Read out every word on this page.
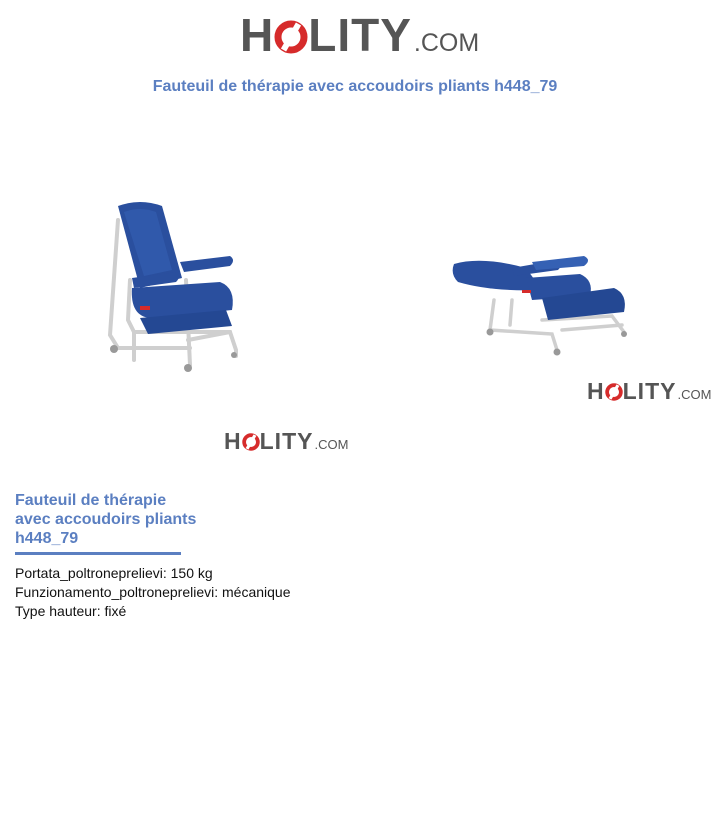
H LITY .COM
Fauteuil de thérapie avec accoudoirs pliants h448_79
H LITY .COM
H LITY .COM
Fauteuil de thérapie
avec accoudoirs pliants
h448_79
Portata_poltroneprelievi: 150 kg
Funzionamento_poltroneprelievi: mécanique
Type hauteur: fixé
